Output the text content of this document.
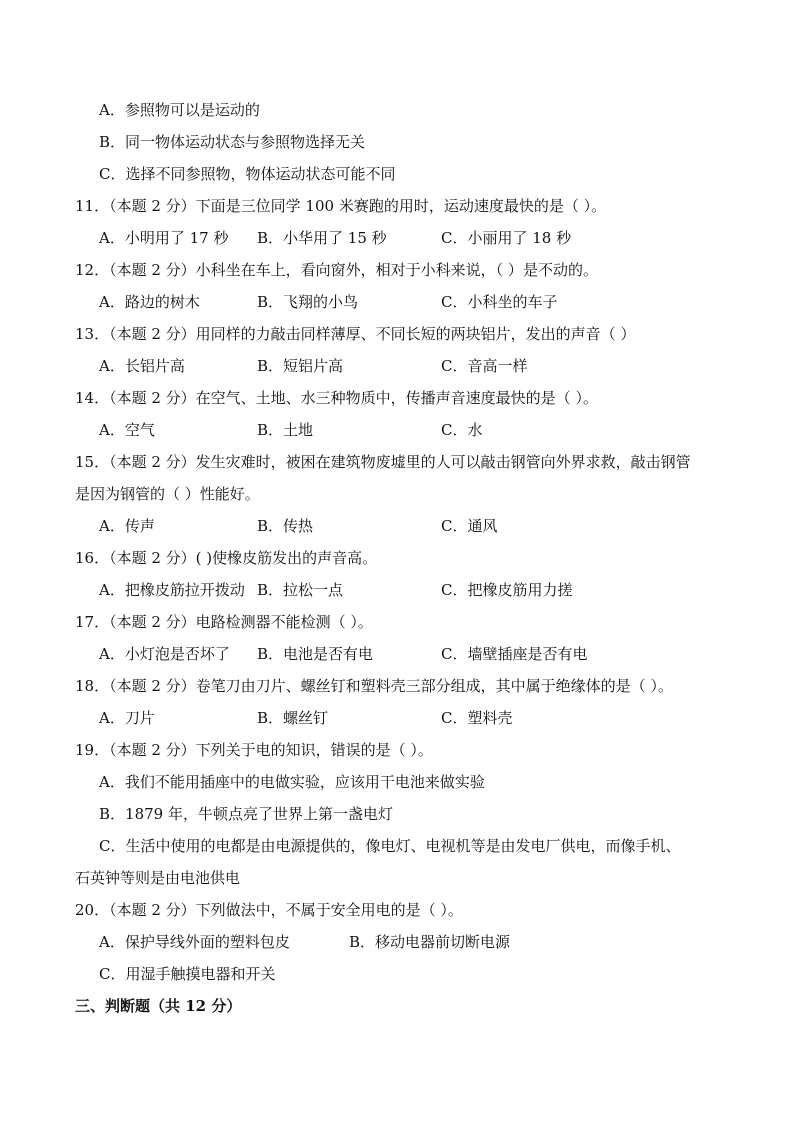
A．参照物可以是运动的
B．同一物体运动状态与参照物选择无关
C．选择不同参照物，物体运动状态可能不同
11．（本题 2 分）下面是三位同学 100 米赛跑的用时，运动速度最快的是（ ）。
A．小明用了 17 秒 B．小华用了 15 秒	C．小丽用了 18 秒
12．（本题 2 分）小科坐在车上，看向窗外，相对于小科来说，（ ）是不动的。
A．路边的树木	B．飞翔的小鸟	C．小科坐的车子
13．（本题 2 分）用同样的力敲击同样薄厚、不同长短的两块铝片，发出的声音（ ）
A．长铝片高	B．短铝片高	C．音高一样
14．（本题 2 分）在空气、土地、水三种物质中，传播声音速度最快的是（ ）。
A．空气	B．土地	C．水
15．（本题 2 分）发生灾难时，被困在建筑物废墟里的人可以敲击钢管向外界求救，敲击钢管
是因为钢管的（ ）性能好。
A．传声	B．传热	C．通风
16．（本题 2 分）( )使橡皮筋发出的声音高。
A．把橡皮筋拉开拨动 B．拉松一点	C．把橡皮筋用力搓
17．（本题 2 分）电路检测器不能检测（ ）。
A．小灯泡是否坏了 B．电池是否有电	C．墙壁插座是否有电
18．（本题 2 分）卷笔刀由刀片、螺丝钉和塑料壳三部分组成，其中属于绝缘体的是（ ）。
A．刀片	B．螺丝钉	C．塑料壳
19．（本题 2 分）下列关于电的知识，错误的是（ ）。
A．我们不能用插座中的电做实验，应该用干电池来做实验
B．1879 年，牛顿点亮了世界上第一盏电灯
C．生活中使用的电都是由电源提供的，像电灯、电视机等是由发电厂供电，而像手机、
石英钟等则是由电池供电
20．（本题 2 分）下列做法中，不属于安全用电的是（ ）。
A．保护导线外面的塑料包皮	B．移动电器前切断电源
C．用湿手触摸电器和开关
三、判断题（共 12 分）
